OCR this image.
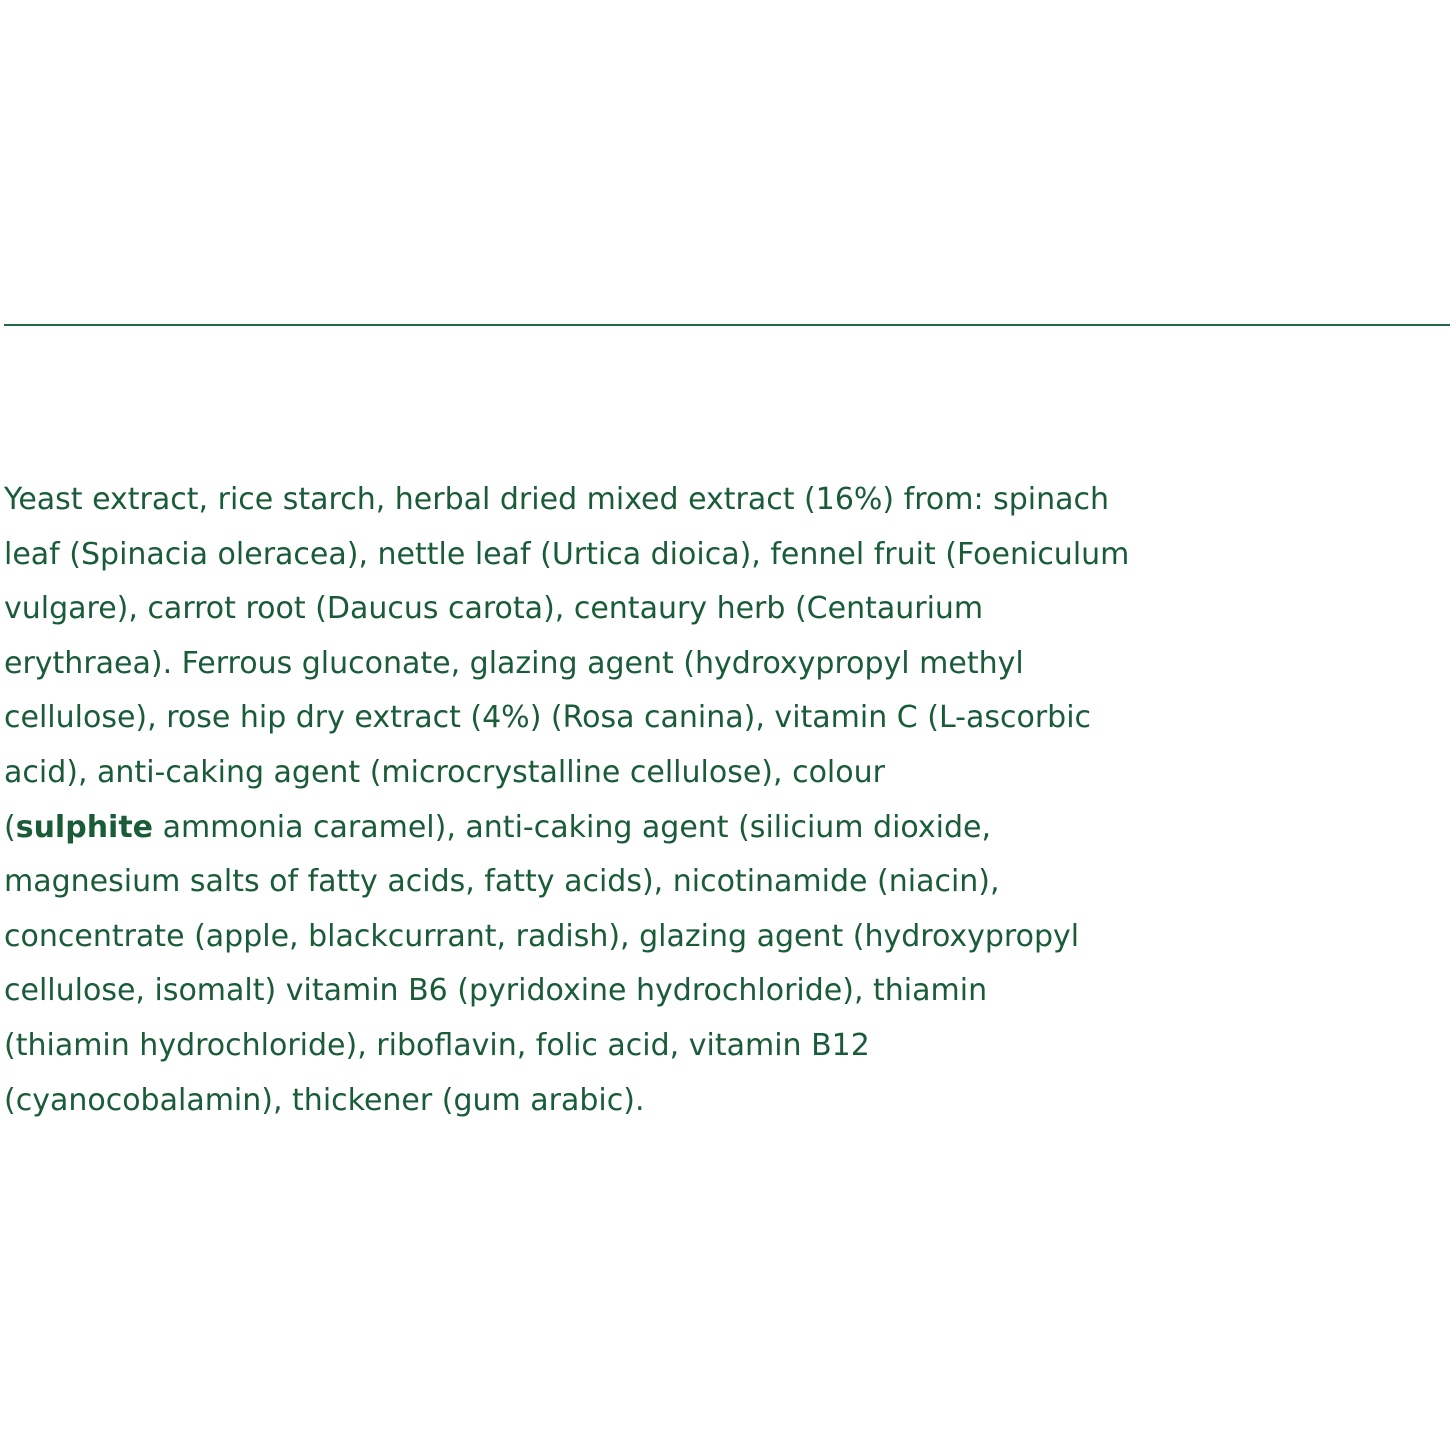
Yeast extract, rice starch, herbal dried mixed extract (16%) from: spinach
leaf (Spinacia oleracea), nettle leaf (Urtica dioica), fennel fruit (Foeniculum
vulgare), carrot root (Daucus carota), centaury herb (Centaurium
erythraea). Ferrous gluconate, glazing agent (hydroxypropyl methyl
cellulose), rose hip dry extract (4%) (Rosa canina), vitamin C (L-ascorbic
acid), anti-caking agent (microcrystalline cellulose), colour
(sulphite ammonia caramel), anti-caking agent (silicium dioxide,
magnesium salts of fatty acids, fatty acids), nicotinamide (niacin),
concentrate (apple, blackcurrant, radish), glazing agent (hydroxypropyl
cellulose, isomalt) vitamin B6 (pyridoxine hydrochloride), thiamin
(thiamin hydrochloride), riboflavin, folic acid, vitamin B12
(cyanocobalamin), thickener (gum arabic).
